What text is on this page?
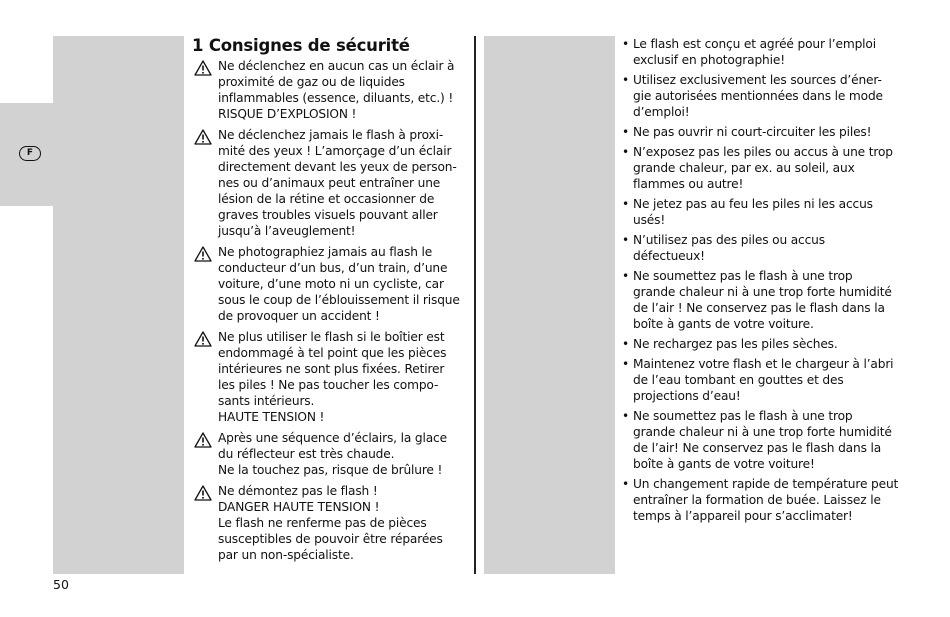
F
1 Consignes de sécurité
Ne déclenchez en aucun cas un éclair à
proximité de gaz ou de liquides
inflammables (essence, diluants, etc.) !
RISQUE D’EXPLOSION !
Ne déclenchez jamais le flash à proxi-
mité des yeux ! L’amorçage d’un éclair
directement devant les yeux de person-
nes ou d’animaux peut entraîner une
lésion de la rétine et occasionner de
graves troubles visuels pouvant aller
jusqu’à l’aveuglement!
Ne photographiez jamais au flash le
conducteur d’un bus, d’un train, d’une
voiture, d’une moto ni un cycliste, car
sous le coup de l’éblouissement il risque
de provoquer un accident !
Ne plus utiliser le flash si le boîtier est
endommagé à tel point que les pièces
intérieures ne sont plus fixées. Retirer
les piles ! Ne pas toucher les compo-
sants intérieurs.
HAUTE TENSION !
Après une séquence d’éclairs, la glace
du réflecteur est très chaude.
Ne la touchez pas, risque de brûlure !
Ne démontez pas le flash !
DANGER HAUTE TENSION !
Le flash ne renferme pas de pièces
susceptibles de pouvoir être réparées
par un non-spécialiste.
• Le flash est conçu et agréé pour l’emploi
exclusif en photographie!
• Utilisez exclusivement les sources d’éner-
gie autorisées mentionnées dans le mode
d’emploi!
• Ne pas ouvrir ni court-circuiter les piles!
• N’exposez pas les piles ou accus à une trop
grande chaleur, par ex. au soleil, aux
flammes ou autre!
• Ne jetez pas au feu les piles ni les accus
usés!
• N’utilisez pas des piles ou accus
défectueux!
• Ne soumettez pas le flash à une trop
grande chaleur ni à une trop forte humidité
de l’air ! Ne conservez pas le flash dans la
boîte à gants de votre voiture.
• Ne rechargez pas les piles sèches.
• Maintenez votre flash et le chargeur à l’abri
de l’eau tombant en gouttes et des
projections d’eau!
• Ne soumettez pas le flash à une trop
grande chaleur ni à une trop forte humidité
de l’air! Ne conservez pas le flash dans la
boîte à gants de votre voiture!
• Un changement rapide de température peut
entraîner la formation de buée. Laissez le
temps à l’appareil pour s’acclimater!
50
